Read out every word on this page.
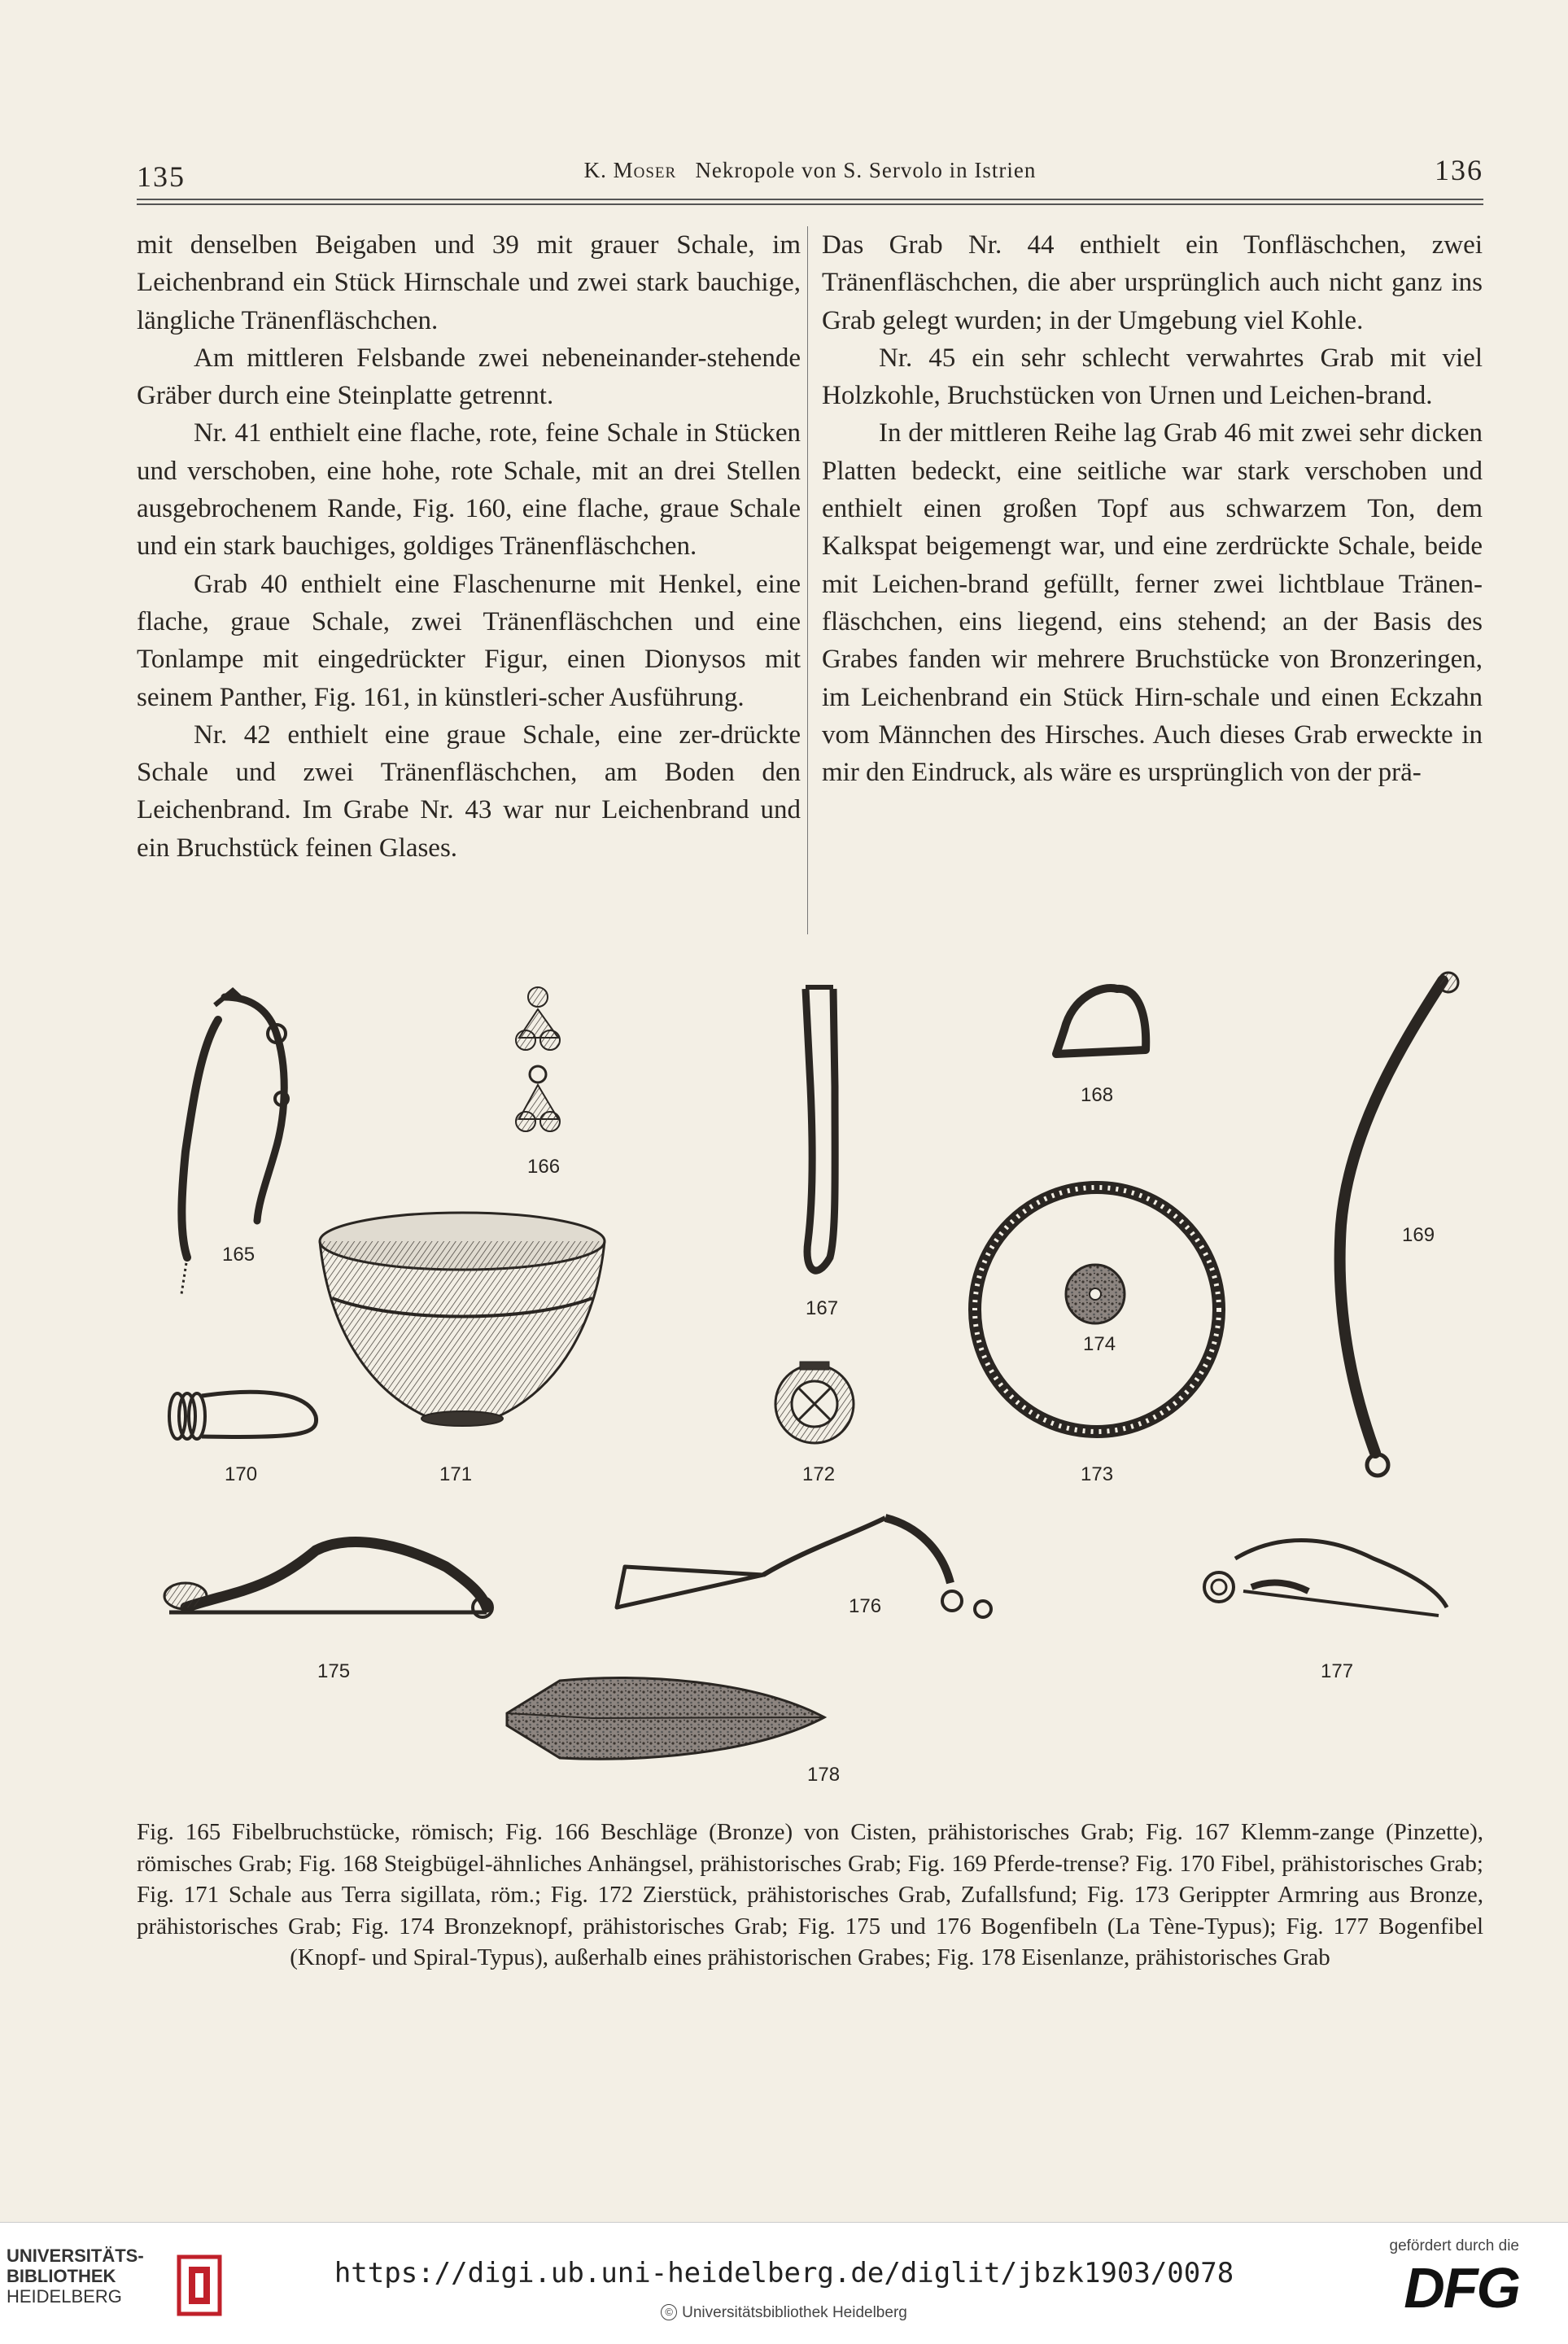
135	K. Moser Nekropole von S. Servolo in Istrien	136

mit denselben Beigaben und 39 mit grauer Schale, im Leichenbrand ein Stück Hirnschale und zwei stark bauchige, längliche Tränenfläschchen.

Am mittleren Felsbande zwei nebeneinander-stehende Gräber durch eine Steinplatte getrennt.

Nr. 41 enthielt eine flache, rote, feine Schale in Stücken und verschoben, eine hohe, rote Schale, mit an drei Stellen ausgebrochenem Rande, Fig. 160, eine flache, graue Schale und ein stark bauchiges, goldiges Tränenfläschchen.

Grab 40 enthielt eine Flaschenurne mit Henkel, eine flache, graue Schale, zwei Tränenfläschchen und eine Tonlampe mit eingedrückter Figur, einen Dionysos mit seinem Panther, Fig. 161, in künstleri-scher Ausführung.

Nr. 42 enthielt eine graue Schale, eine zer-drückte Schale und zwei Tränenfläschchen, am Boden den Leichenbrand. Im Grabe Nr. 43 war nur Leichenbrand und ein Bruchstück feinen Glases.

Das Grab Nr. 44 enthielt ein Tonfläschchen, zwei Tränenfläschchen, die aber ursprünglich auch nicht ganz ins Grab gelegt wurden; in der Umgebung viel Kohle.

Nr. 45 ein sehr schlecht verwahrtes Grab mit viel Holzkohle, Bruchstücken von Urnen und Leichen-brand.

In der mittleren Reihe lag Grab 46 mit zwei sehr dicken Platten bedeckt, eine seitliche war stark verschoben und enthielt einen großen Topf aus schwarzem Ton, dem Kalkspat beigemengt war, und eine zerdrückte Schale, beide mit Leichen-brand gefüllt, ferner zwei lichtblaue Tränen-fläschchen, eins liegend, eins stehend; an der Basis des Grabes fanden wir mehrere Bruchstücke von Bronzeringen, im Leichenbrand ein Stück Hirn-schale und einen Eckzahn vom Männchen des Hirsches. Auch dieses Grab erweckte in mir den Eindruck, als wäre es ursprünglich von der prä-

165
166
167
168
169
170	171	172	173
174
175
176
177
178
Fig. 165 Fibelbruchstücke, römisch; Fig. 166 Beschläge (Bronze) von Cisten, prähistorisches Grab; Fig. 167 Klemm-zange (Pinzette), römisches Grab; Fig. 168 Steigbügel-ähnliches Anhängsel, prähistorisches Grab; Fig. 169 Pferde-trense? Fig. 170 Fibel, prähistorisches Grab; Fig. 171 Schale aus Terra sigillata, röm.; Fig. 172 Zierstück, prähistorisches Grab, Zufallsfund; Fig. 173 Gerippter Armring aus Bronze, prähistorisches Grab; Fig. 174 Bronzeknopf, prähistorisches Grab; Fig. 175 und 176 Bogenfibeln (La Tène-Typus); Fig. 177 Bogenfibel (Knopf- und Spiral-Typus), außerhalb eines prähistorischen Grabes; Fig. 178 Eisenlanze, prähistorisches Grab
UNIVERSITÄTS-
BIBLIOTHEK
HEIDELBERG
https://digi.ub.uni-heidelberg.de/diglit/jbzk1903/0078
© Universitätsbibliothek Heidelberg
gefördert durch die
DFG
